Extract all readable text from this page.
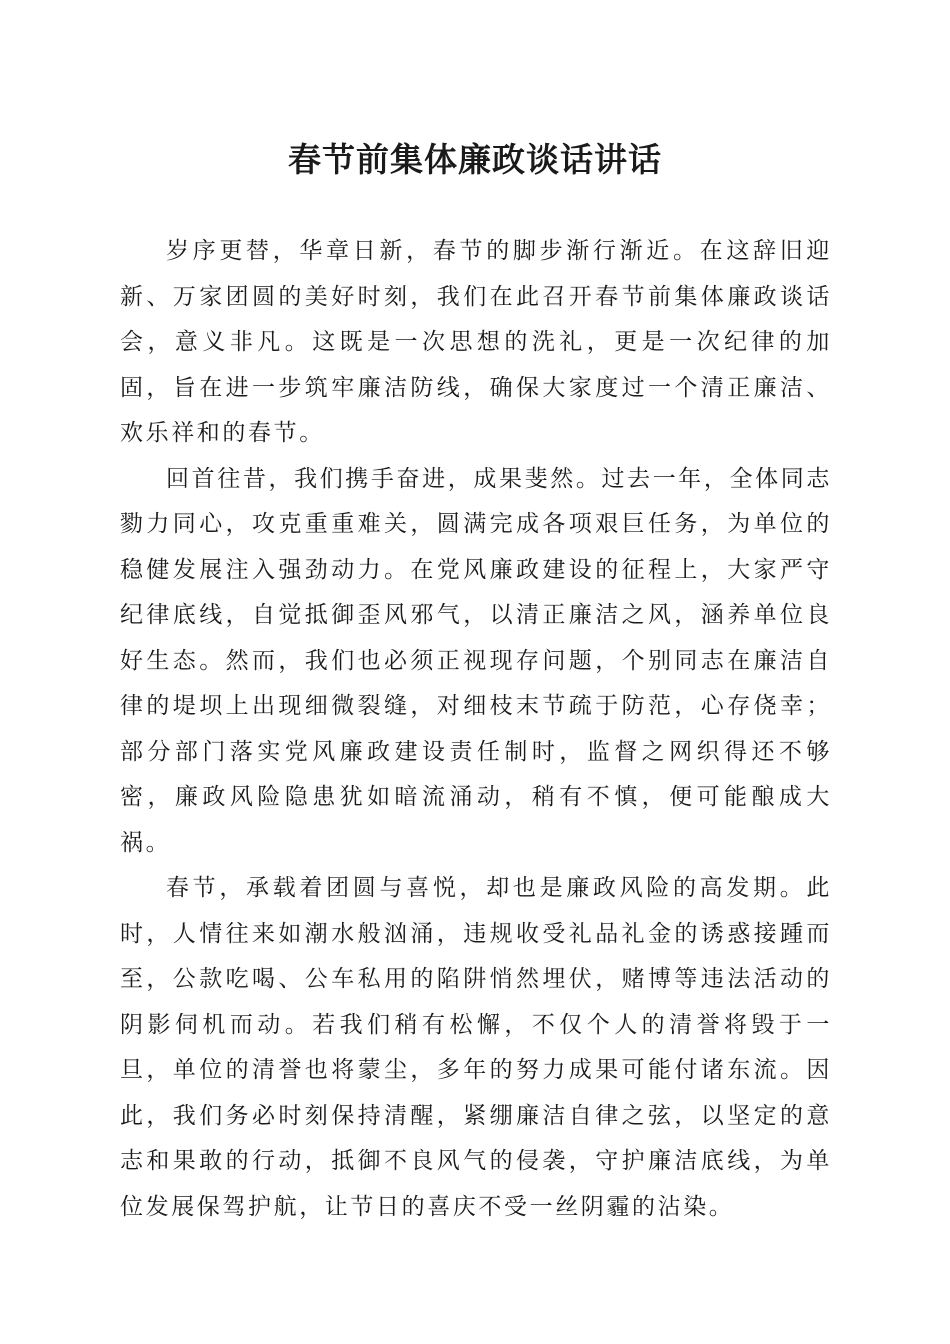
春节前集体廉政谈话讲话

岁序更替，华章日新，春节的脚步渐行渐近。在这辞旧迎新、万家团圆的美好时刻，我们在此召开春节前集体廉政谈话会，意义非凡。这既是一次思想的洗礼，更是一次纪律的加固，旨在进一步筑牢廉洁防线，确保大家度过一个清正廉洁、欢乐祥和的春节。

回首往昔，我们携手奋进，成果斐然。过去一年，全体同志勠力同心，攻克重重难关，圆满完成各项艰巨任务，为单位的稳健发展注入强劲动力。在党风廉政建设的征程上，大家严守纪律底线，自觉抵御歪风邪气，以清正廉洁之风，涵养单位良好生态。然而，我们也必须正视现存问题，个别同志在廉洁自律的堤坝上出现细微裂缝，对细枝末节疏于防范，心存侥幸；部分部门落实党风廉政建设责任制时，监督之网织得还不够密，廉政风险隐患犹如暗流涌动，稍有不慎，便可能酿成大祸。

春节，承载着团圆与喜悦，却也是廉政风险的高发期。此时，人情往来如潮水般汹涌，违规收受礼品礼金的诱惑接踵而至，公款吃喝、公车私用的陷阱悄然埋伏，赌博等违法活动的阴影伺机而动。若我们稍有松懈，不仅个人的清誉将毁于一旦，单位的清誉也将蒙尘，多年的努力成果可能付诸东流。因此，我们务必时刻保持清醒，紧绷廉洁自律之弦，以坚定的意志和果敢的行动，抵御不良风气的侵袭，守护廉洁底线，为单位发展保驾护航，让节日的喜庆不受一丝阴霾的沾染。
